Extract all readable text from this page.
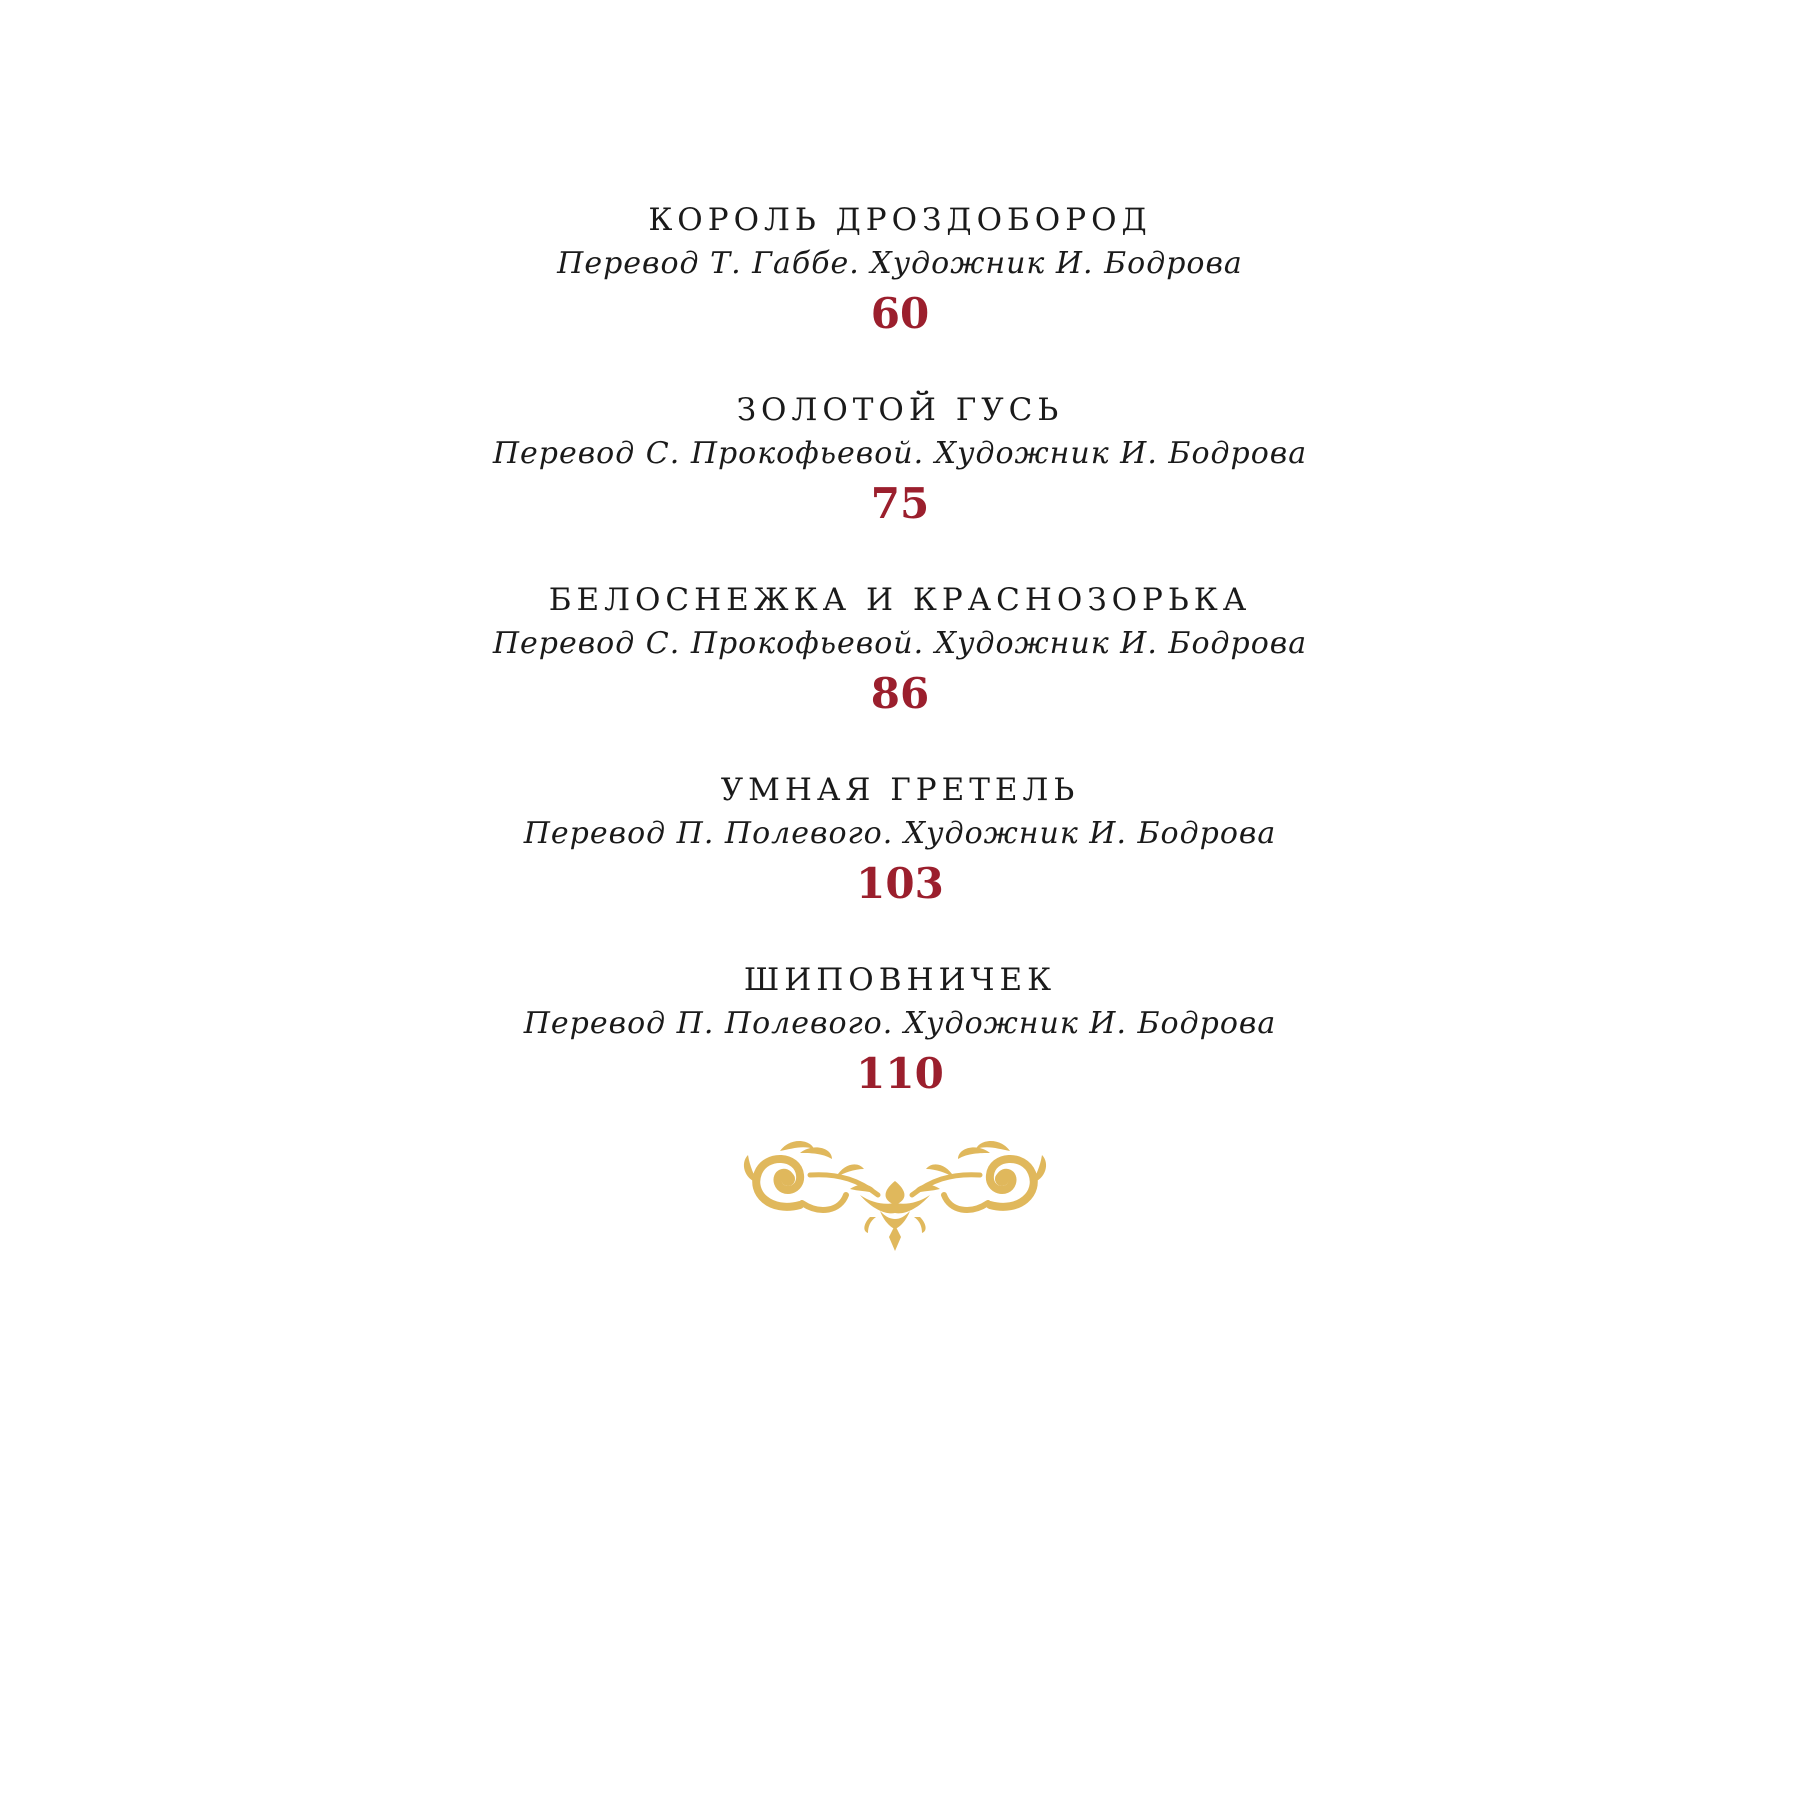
КОРОЛЬ ДРОЗДОБОРОД
Перевод Т. Габбе. Художник И. Бодрова
60
ЗОЛОТОЙ ГУСЬ
Перевод С. Прокофьевой. Художник И. Бодрова
75
БЕЛОСНЕЖКА И КРАСНОЗОРЬКА
Перевод С. Прокофьевой. Художник И. Бодрова
86
УМНАЯ ГРЕТЕЛЬ
Перевод П. Полевого. Художник И. Бодрова
103
ШИПОВНИЧЕК
Перевод П. Полевого. Художник И. Бодрова
110
